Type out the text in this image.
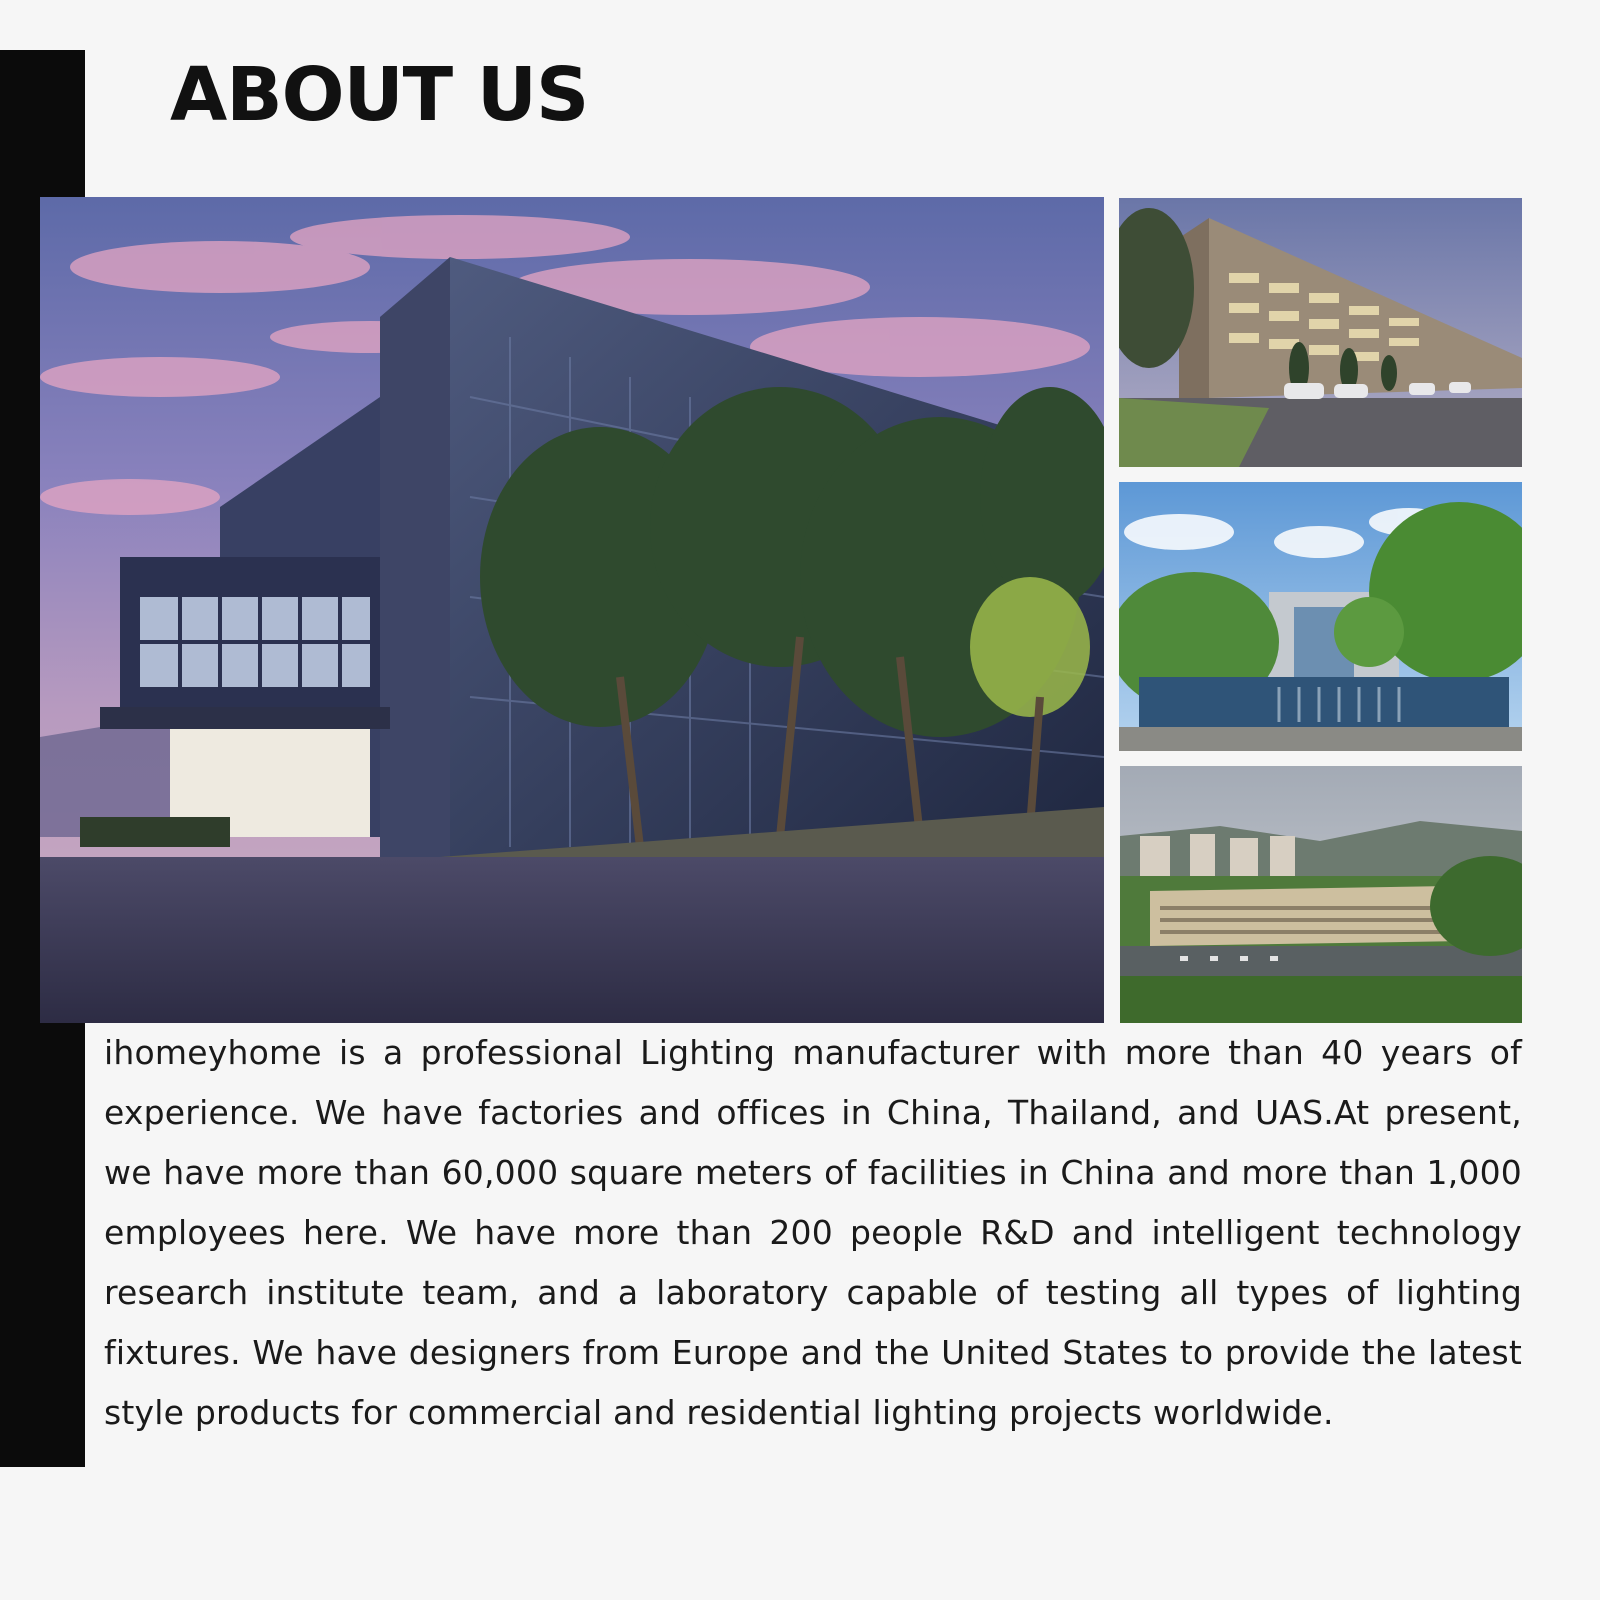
ABOUT US

ihomeyhome is a professional Lighting manufacturer with more than 40 years of experience. We have factories and offices in China, Thailand, and UAS.At present, we have more than 60,000 square meters of facilities in China and more than 1,000 employees here. We have more than 200 people R&D and intelligent technology research institute team, and a laboratory capable of testing all types of lighting fixtures. We have designers from Europe and the United States to provide the latest style products for commercial and residential lighting projects worldwide.
